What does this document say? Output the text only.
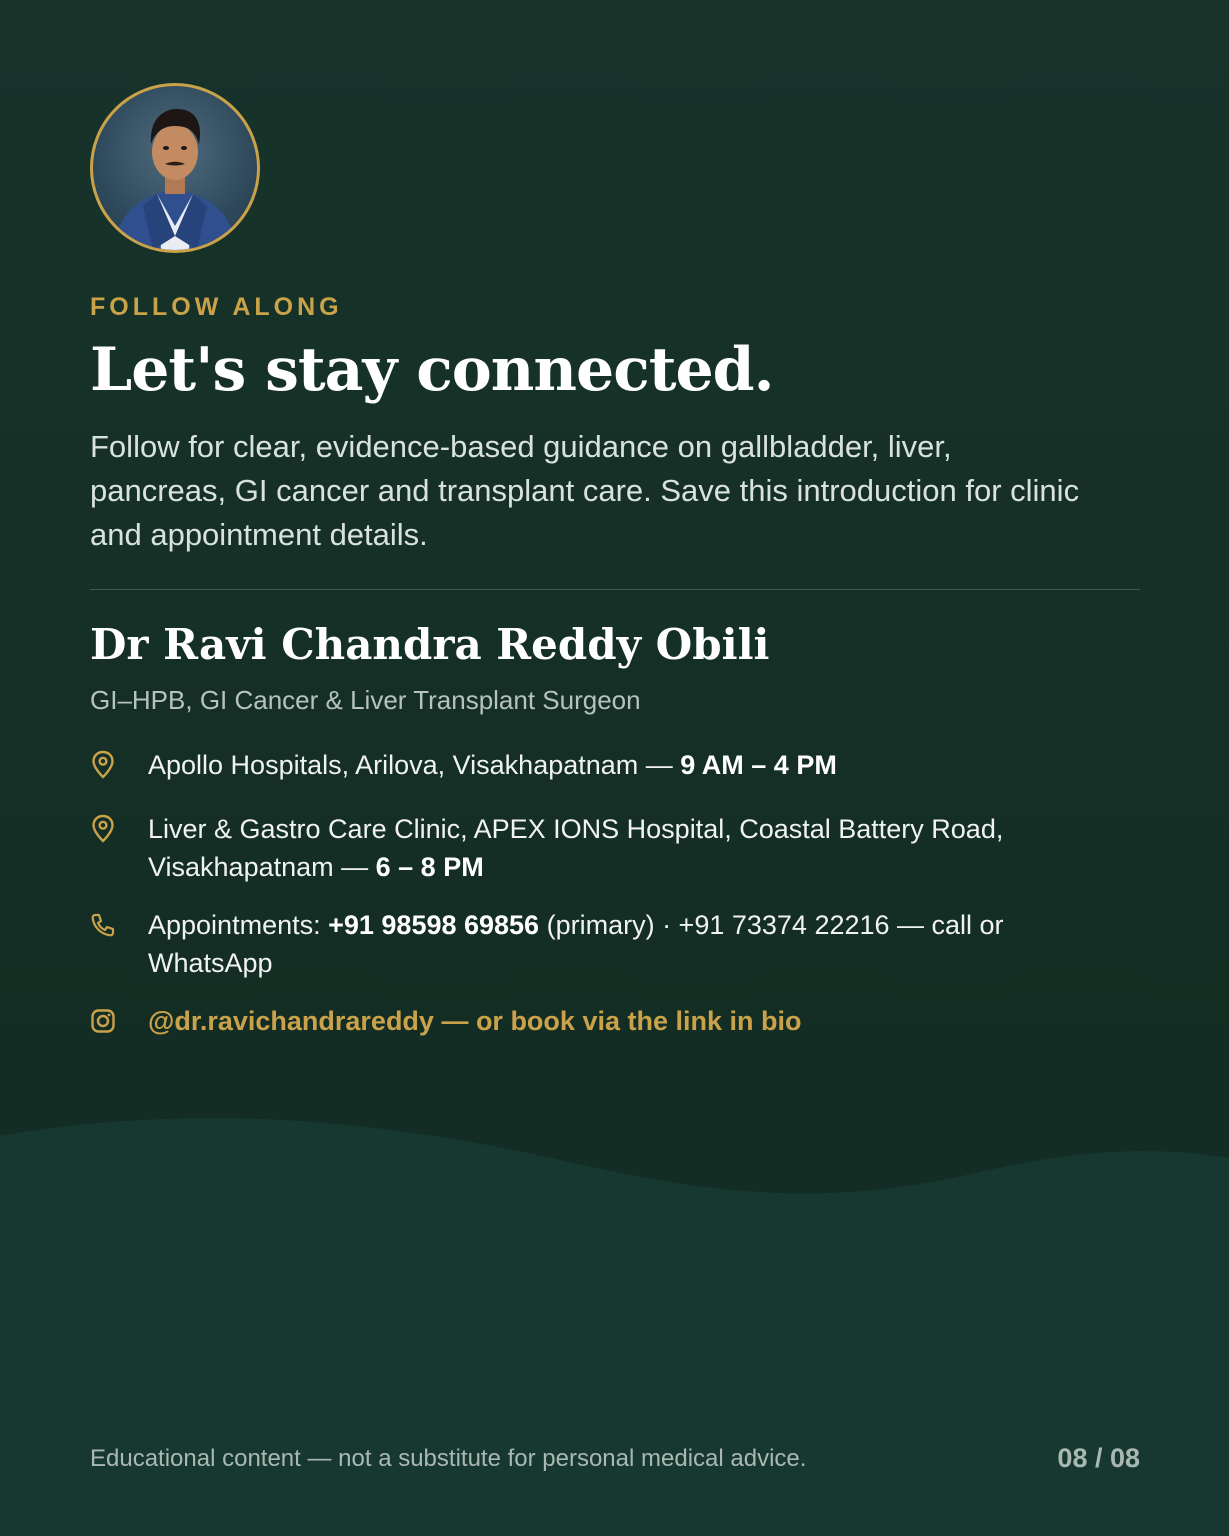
FOLLOW ALONG
Let's stay connected.

Follow for clear, evidence-based guidance on gallbladder, liver, pancreas, GI cancer and transplant care. Save this introduction for clinic and appointment details.

Dr Ravi Chandra Reddy Obili
GI–HPB, GI Cancer & Liver Transplant Surgeon
Apollo Hospitals, Arilova, Visakhapatnam — 9 AM – 4 PM
Liver & Gastro Care Clinic, APEX IONS Hospital, Coastal Battery Road, Visakhapatnam — 6 – 8 PM
Appointments: +91 98598 69856 (primary) · +91 73374 22216 — call or WhatsApp
@dr.ravichandrareddy — or book via the link in bio
Educational content — not a substitute for personal medical advice.	08 / 08
